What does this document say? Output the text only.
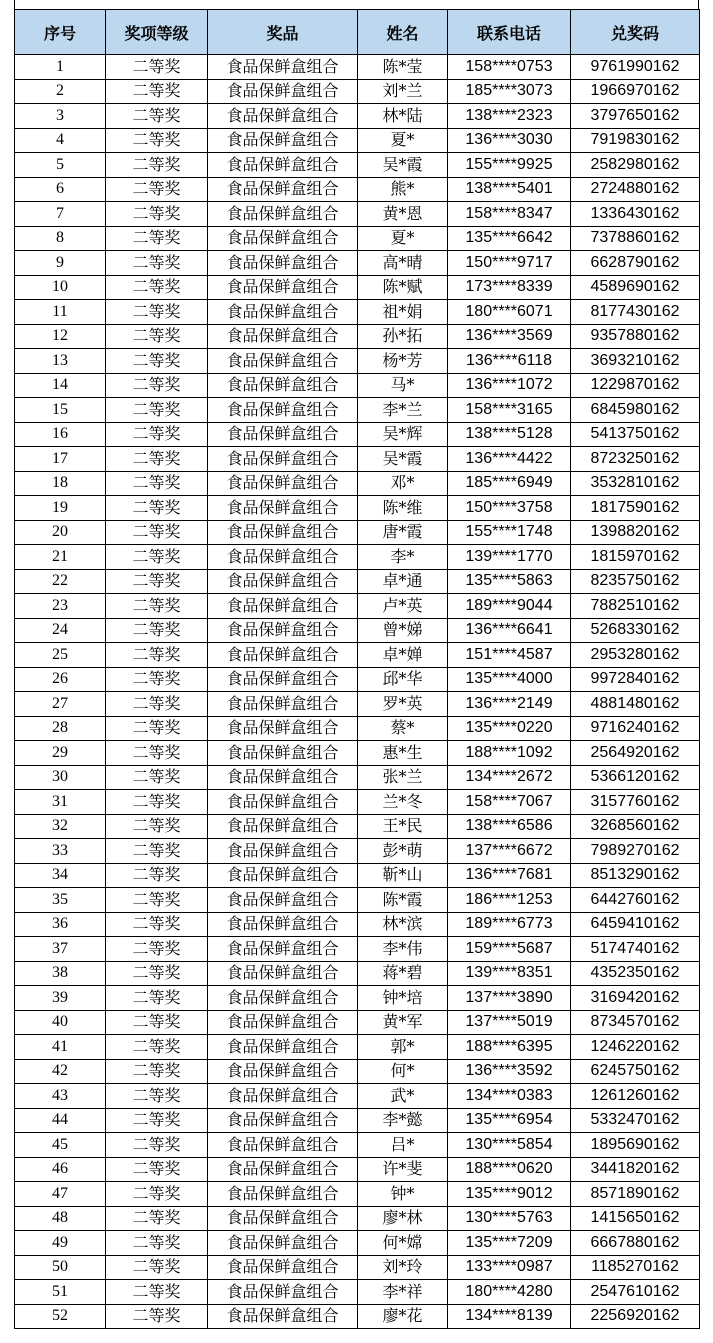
序号	奖项等级	奖品	姓名	联系电话	兑奖码
1	二等奖	食品保鲜盒组合	陈*莹	158****0753	9761990162
2	二等奖	食品保鲜盒组合	刘*兰	185****3073	1966970162
3	二等奖	食品保鲜盒组合	林*陆	138****2323	3797650162
4	二等奖	食品保鲜盒组合	夏*	136****3030	7919830162
5	二等奖	食品保鲜盒组合	吴*霞	155****9925	2582980162
6	二等奖	食品保鲜盒组合	熊*	138****5401	2724880162
7	二等奖	食品保鲜盒组合	黄*恩	158****8347	1336430162
8	二等奖	食品保鲜盒组合	夏*	135****6642	7378860162
9	二等奖	食品保鲜盒组合	高*晴	150****9717	6628790162
10	二等奖	食品保鲜盒组合	陈*赋	173****8339	4589690162
11	二等奖	食品保鲜盒组合	祖*娟	180****6071	8177430162
12	二等奖	食品保鲜盒组合	孙*拓	136****3569	9357880162
13	二等奖	食品保鲜盒组合	杨*芳	136****6118	3693210162
14	二等奖	食品保鲜盒组合	马*	136****1072	1229870162
15	二等奖	食品保鲜盒组合	李*兰	158****3165	6845980162
16	二等奖	食品保鲜盒组合	吴*辉	138****5128	5413750162
17	二等奖	食品保鲜盒组合	吴*霞	136****4422	8723250162
18	二等奖	食品保鲜盒组合	邓*	185****6949	3532810162
19	二等奖	食品保鲜盒组合	陈*维	150****3758	1817590162
20	二等奖	食品保鲜盒组合	唐*霞	155****1748	1398820162
21	二等奖	食品保鲜盒组合	李*	139****1770	1815970162
22	二等奖	食品保鲜盒组合	卓*通	135****5863	8235750162
23	二等奖	食品保鲜盒组合	卢*英	189****9044	7882510162
24	二等奖	食品保鲜盒组合	曾*娣	136****6641	5268330162
25	二等奖	食品保鲜盒组合	卓*婵	151****4587	2953280162
26	二等奖	食品保鲜盒组合	邱*华	135****4000	9972840162
27	二等奖	食品保鲜盒组合	罗*英	136****2149	4881480162
28	二等奖	食品保鲜盒组合	蔡*	135****0220	9716240162
29	二等奖	食品保鲜盒组合	惠*生	188****1092	2564920162
30	二等奖	食品保鲜盒组合	张*兰	134****2672	5366120162
31	二等奖	食品保鲜盒组合	兰*冬	158****7067	3157760162
32	二等奖	食品保鲜盒组合	王*民	138****6586	3268560162
33	二等奖	食品保鲜盒组合	彭*萌	137****6672	7989270162
34	二等奖	食品保鲜盒组合	靳*山	136****7681	8513290162
35	二等奖	食品保鲜盒组合	陈*霞	186****1253	6442760162
36	二等奖	食品保鲜盒组合	林*滨	189****6773	6459410162
37	二等奖	食品保鲜盒组合	李*伟	159****5687	5174740162
38	二等奖	食品保鲜盒组合	蒋*碧	139****8351	4352350162
39	二等奖	食品保鲜盒组合	钟*培	137****3890	3169420162
40	二等奖	食品保鲜盒组合	黄*军	137****5019	8734570162
41	二等奖	食品保鲜盒组合	郭*	188****6395	1246220162
42	二等奖	食品保鲜盒组合	何*	136****3592	6245750162
43	二等奖	食品保鲜盒组合	武*	134****0383	1261260162
44	二等奖	食品保鲜盒组合	李*懿	135****6954	5332470162
45	二等奖	食品保鲜盒组合	吕*	130****5854	1895690162
46	二等奖	食品保鲜盒组合	许*斐	188****0620	3441820162
47	二等奖	食品保鲜盒组合	钟*	135****9012	8571890162
48	二等奖	食品保鲜盒组合	廖*林	130****5763	1415650162
49	二等奖	食品保鲜盒组合	何*嫦	135****7209	6667880162
50	二等奖	食品保鲜盒组合	刘*玲	133****0987	1185270162
51	二等奖	食品保鲜盒组合	李*祥	180****4280	2547610162
52	二等奖	食品保鲜盒组合	廖*花	134****8139	2256920162
